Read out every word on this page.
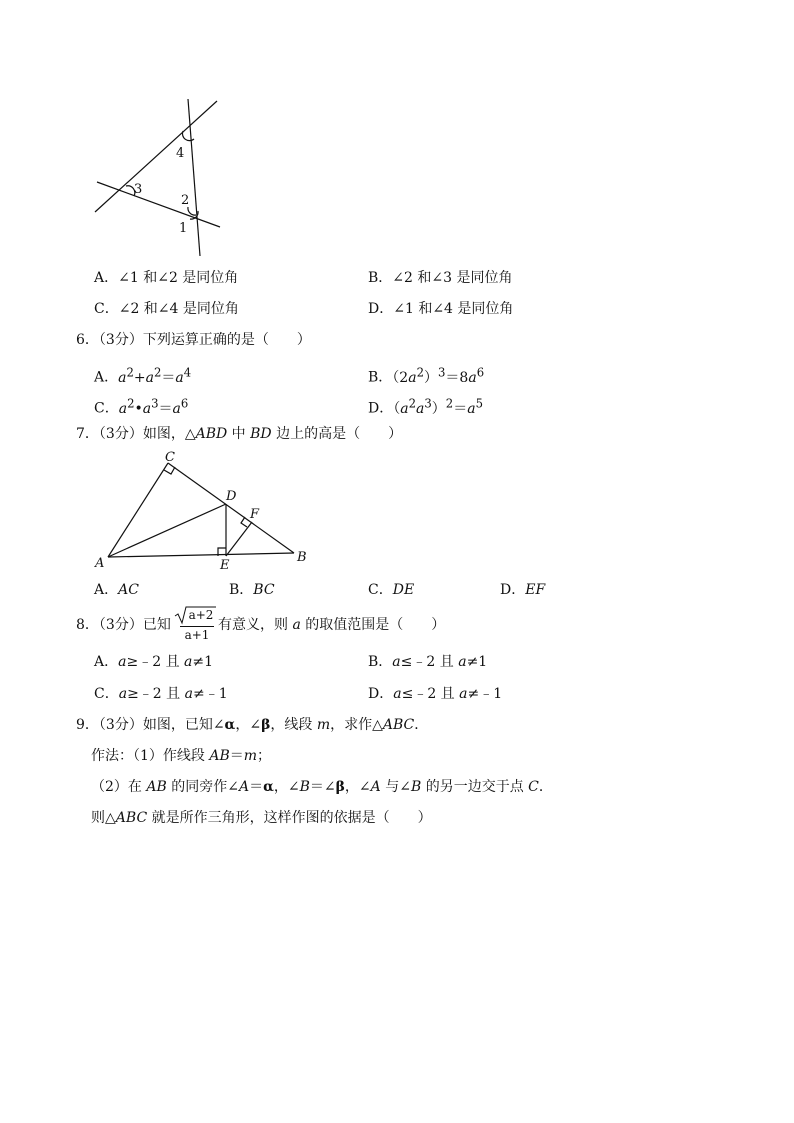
4
3
2
1
A．∠1 和∠2 是同位角	B．∠2 和∠3 是同位角
C．∠2 和∠4 是同位角	D．∠1 和∠4 是同位角
6．（3分）下列运算正确的是（　　）
A．$a^2+a^2=a^4$	B．$(2a^2)^3=8a^6$
C．$a^2•a^3=a^6$	D．$(a^2a^3)^2=a^5$
7．（3分）如图，△ABD 中 BD 边上的高是（　　）
C
D
F
A	E
B
A．AC	B．BC	C．DE	D．EF
8．（3分）已知
a+2
a+1
有意义，则 a 的取值范围是（　　）
A．a≥﹣2 且 a≠1	B．a≤﹣2 且 a≠1
C．a≥﹣2 且 a≠﹣1	D．a≤﹣2 且 a≠﹣1
9．（3分）如图，已知∠α，∠β，线段 m，求作△ABC．
作法：（1）作线段 AB＝m；
（2）在 AB 的同旁作∠A＝α，∠B＝∠β，∠A 与∠B 的另一边交于点 C．
则△ABC 就是所作三角形，这样作图的依据是（　　）
